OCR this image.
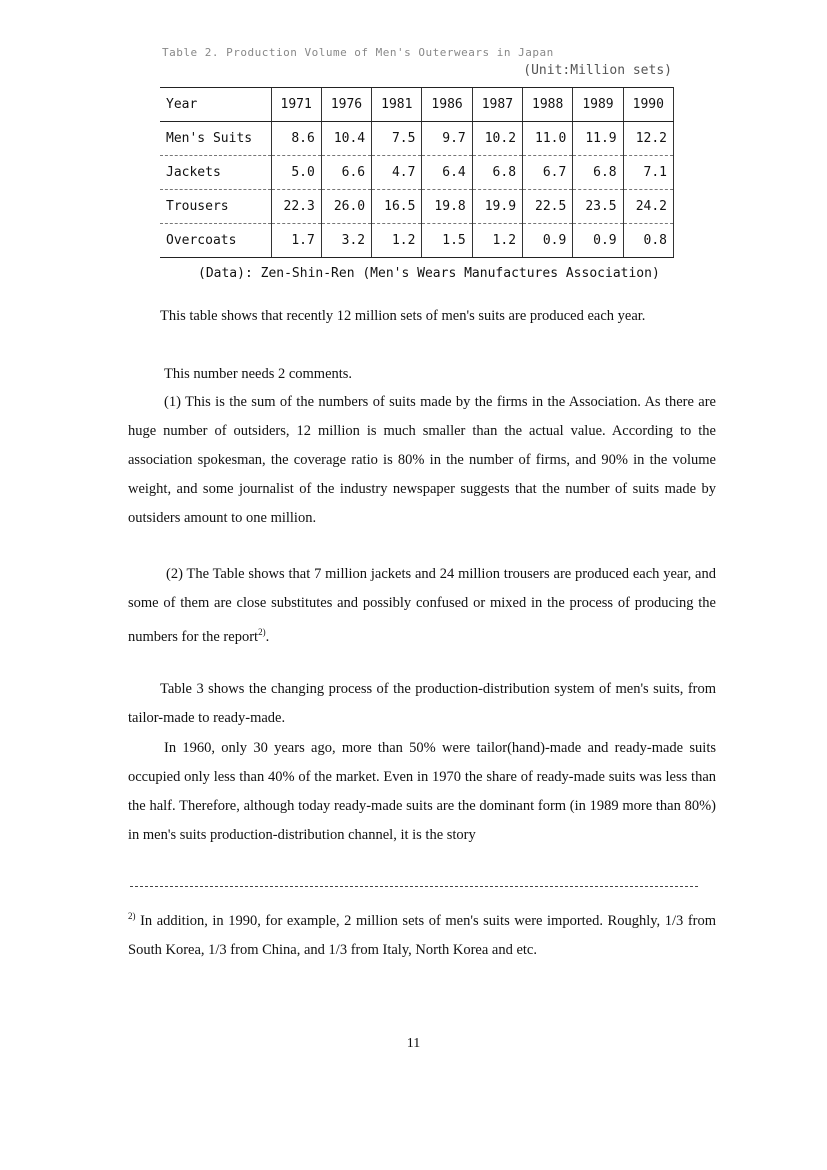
Table 2. Production Volume of Men's Outerwears in Japan
(Unit:Million sets)
Year	1971	1976	1981	1986	1987	1988	1989	1990
Men's Suits	8.6	10.4	7.5	9.7	10.2	11.0	11.9	12.2
Jackets	5.0	6.6	4.7	6.4	6.8	6.7	6.8	7.1
Trousers	22.3	26.0	16.5	19.8	19.9	22.5	23.5	24.2
Overcoats	1.7	3.2	1.2	1.5	1.2	0.9	0.9	0.8
(Data): Zen-Shin-Ren (Men's Wears Manufactures Association)

This table shows that recently 12 million sets of men's suits are produced each year.

This number needs 2 comments.

(1) This is the sum of the numbers of suits made by the firms in the Association. As there are huge number of outsiders, 12 million is much smaller than the actual value. According to the association spokesman, the coverage ratio is 80% in the number of firms, and 90% in the volume weight, and some journalist of the industry newspaper suggests that the number of suits made by outsiders amount to one million.

(2) The Table shows that 7 million jackets and 24 million trousers are produced each year, and some of them are close substitutes and possibly confused or mixed in the process of producing the numbers for the report$^{2)}$.

Table 3 shows the changing process of the production-distribution system of men's suits, from tailor-made to ready-made.

In 1960, only 30 years ago, more than 50% were tailor(hand)-made and ready-made suits occupied only less than 40% of the market. Even in 1970 the share of ready-made suits was less than the half. Therefore, although today ready-made suits are the dominant form (in 1989 more than 80%) in men's suits production-distribution channel, it is the story

$^{2)}$ In addition, in 1990, for example, 2 million sets of men's suits were imported. Roughly, 1/3 from South Korea, 1/3 from China, and 1/3 from Italy, North Korea and etc.

11
